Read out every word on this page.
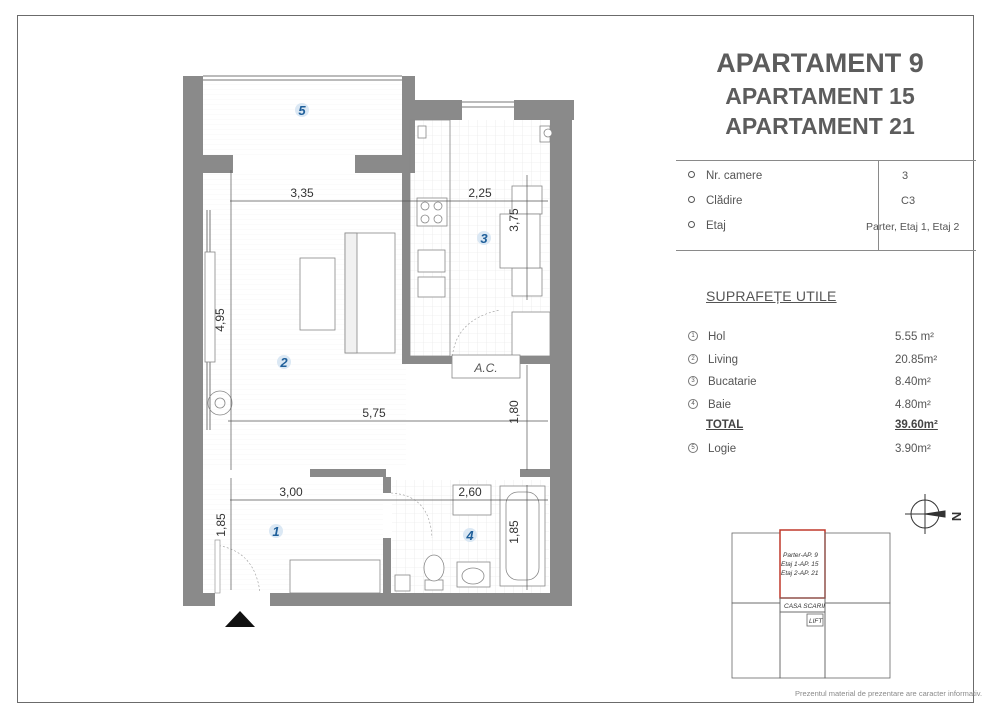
A.C.
5
2
3
1	4
3,35	2,25
3,75
4,95
5,75	1,80
3,00	2,60
1,85	1,85
Parter-AP. 9
Etaj 1-AP. 15
Etaj 2-AP. 21
CASA SCARII
LIFT
APARTAMENT 9
APARTAMENT 15
APARTAMENT 21
Nr. camere	3
Clădire	C3
Etaj	Parter, Etaj 1, Etaj 2
SUPRAFEȚE UTILE
1 Hol	5.55 m²
2 Living	20.85m²
3 Bucatarie	8.40m²
4 Baie	4.80m²
TOTAL	39.60m²
5 Logie	3.90m²
N
Prezentul material de prezentare are caracter informativ.
